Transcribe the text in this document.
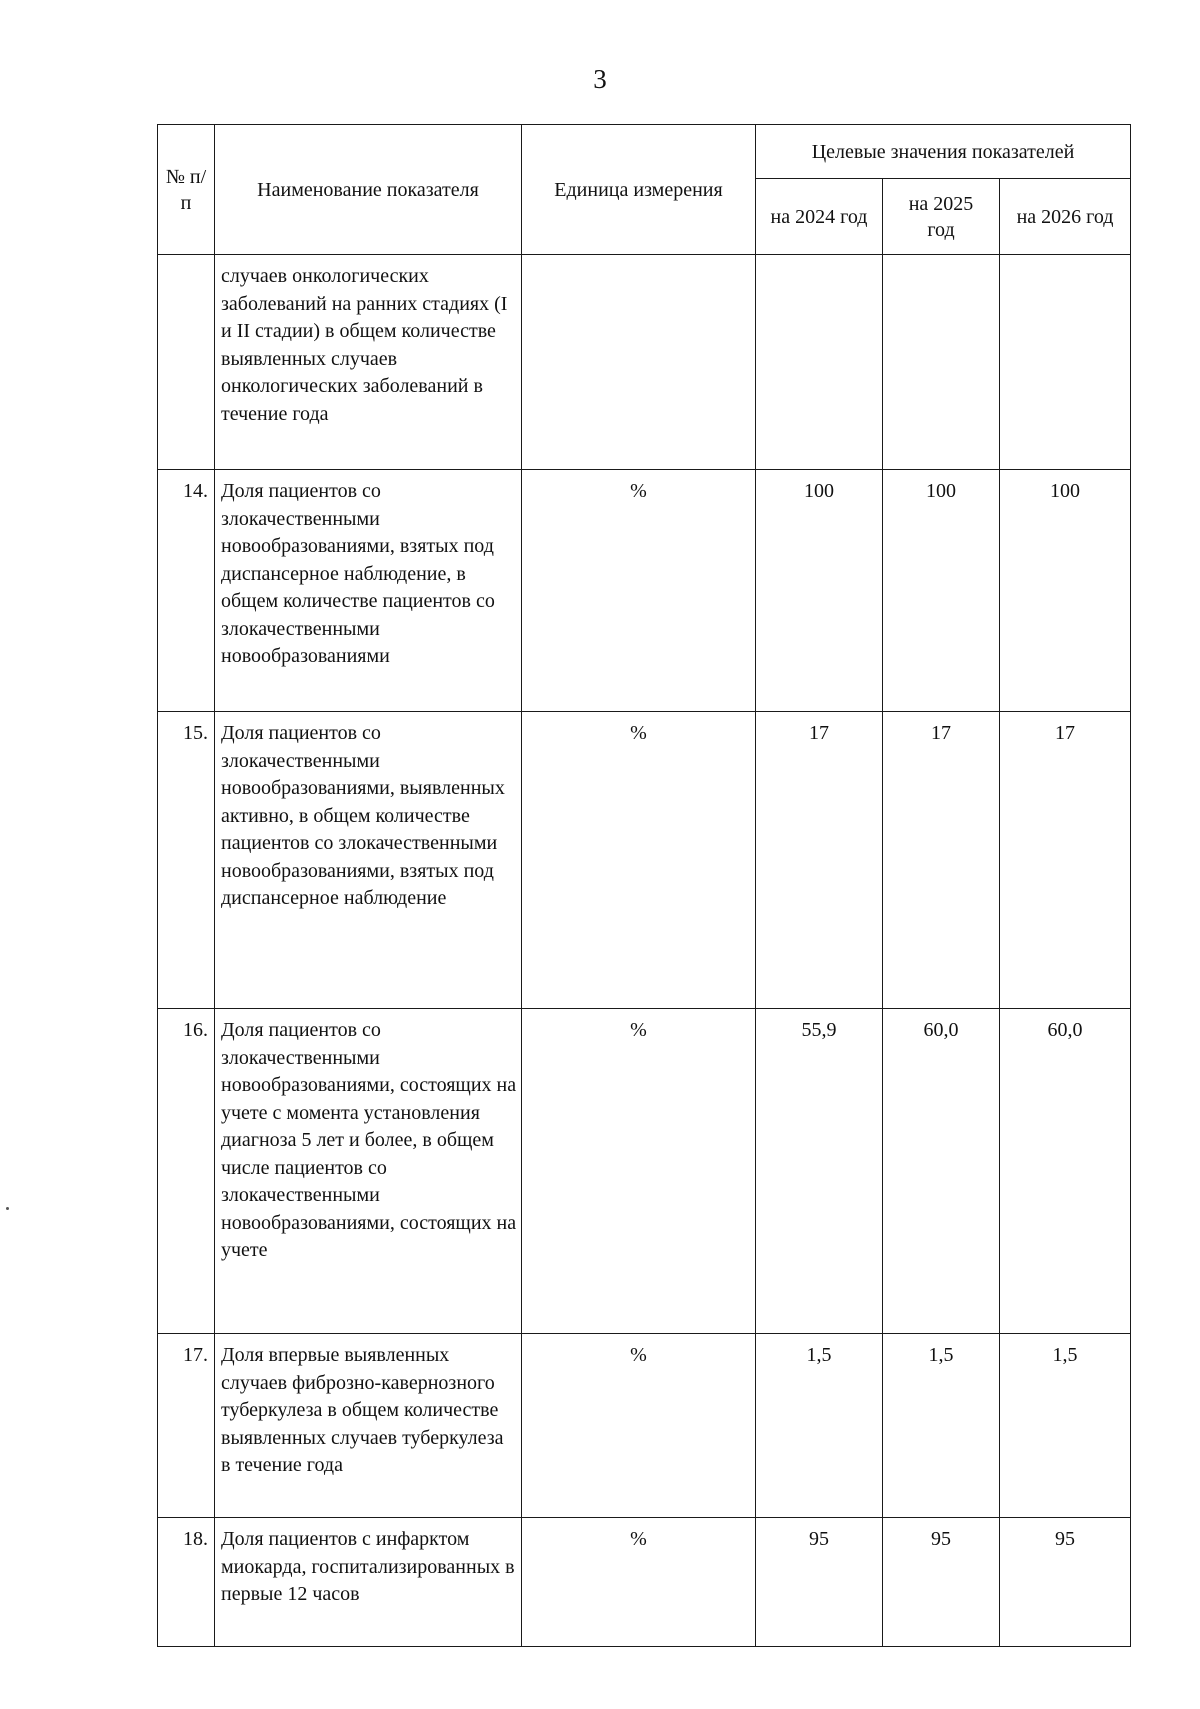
3
№ п/п	Наименование показателя	Единица измерения	Целевые значения показателей		
			на 2024 год	на 2025 год	на 2026 год
	случаев онкологических заболеваний на ранних стадиях (I и II стадии) в общем количестве выявленных случаев онкологических заболеваний в течение года				
14.	Доля пациентов со злокачественными новообразованиями, взятых под диспансерное наблюдение, в общем количестве пациентов со злокачественными новообразованиями	%	100	100	100
15.	Доля пациентов со злокачественными новообразованиями, выявленных активно, в общем количестве пациентов со злокачественными новообразованиями, взятых под диспансерное наблюдение	%	17	17	17
16.	Доля пациентов со злокачественными новообразованиями, состоящих на учете с момента установления диагноза 5 лет и более, в общем числе пациентов со злокачественными новообразованиями, состоящих на учете	%	55,9	60,0	60,0
17.	Доля впервые выявленных случаев фиброзно-кавернозного туберкулеза в общем количестве выявленных случаев туберкулеза в течение года	%	1,5	1,5	1,5
18.	Доля пациентов с инфарктом миокарда, госпитализированных в первые 12 часов	%	95	95	95
